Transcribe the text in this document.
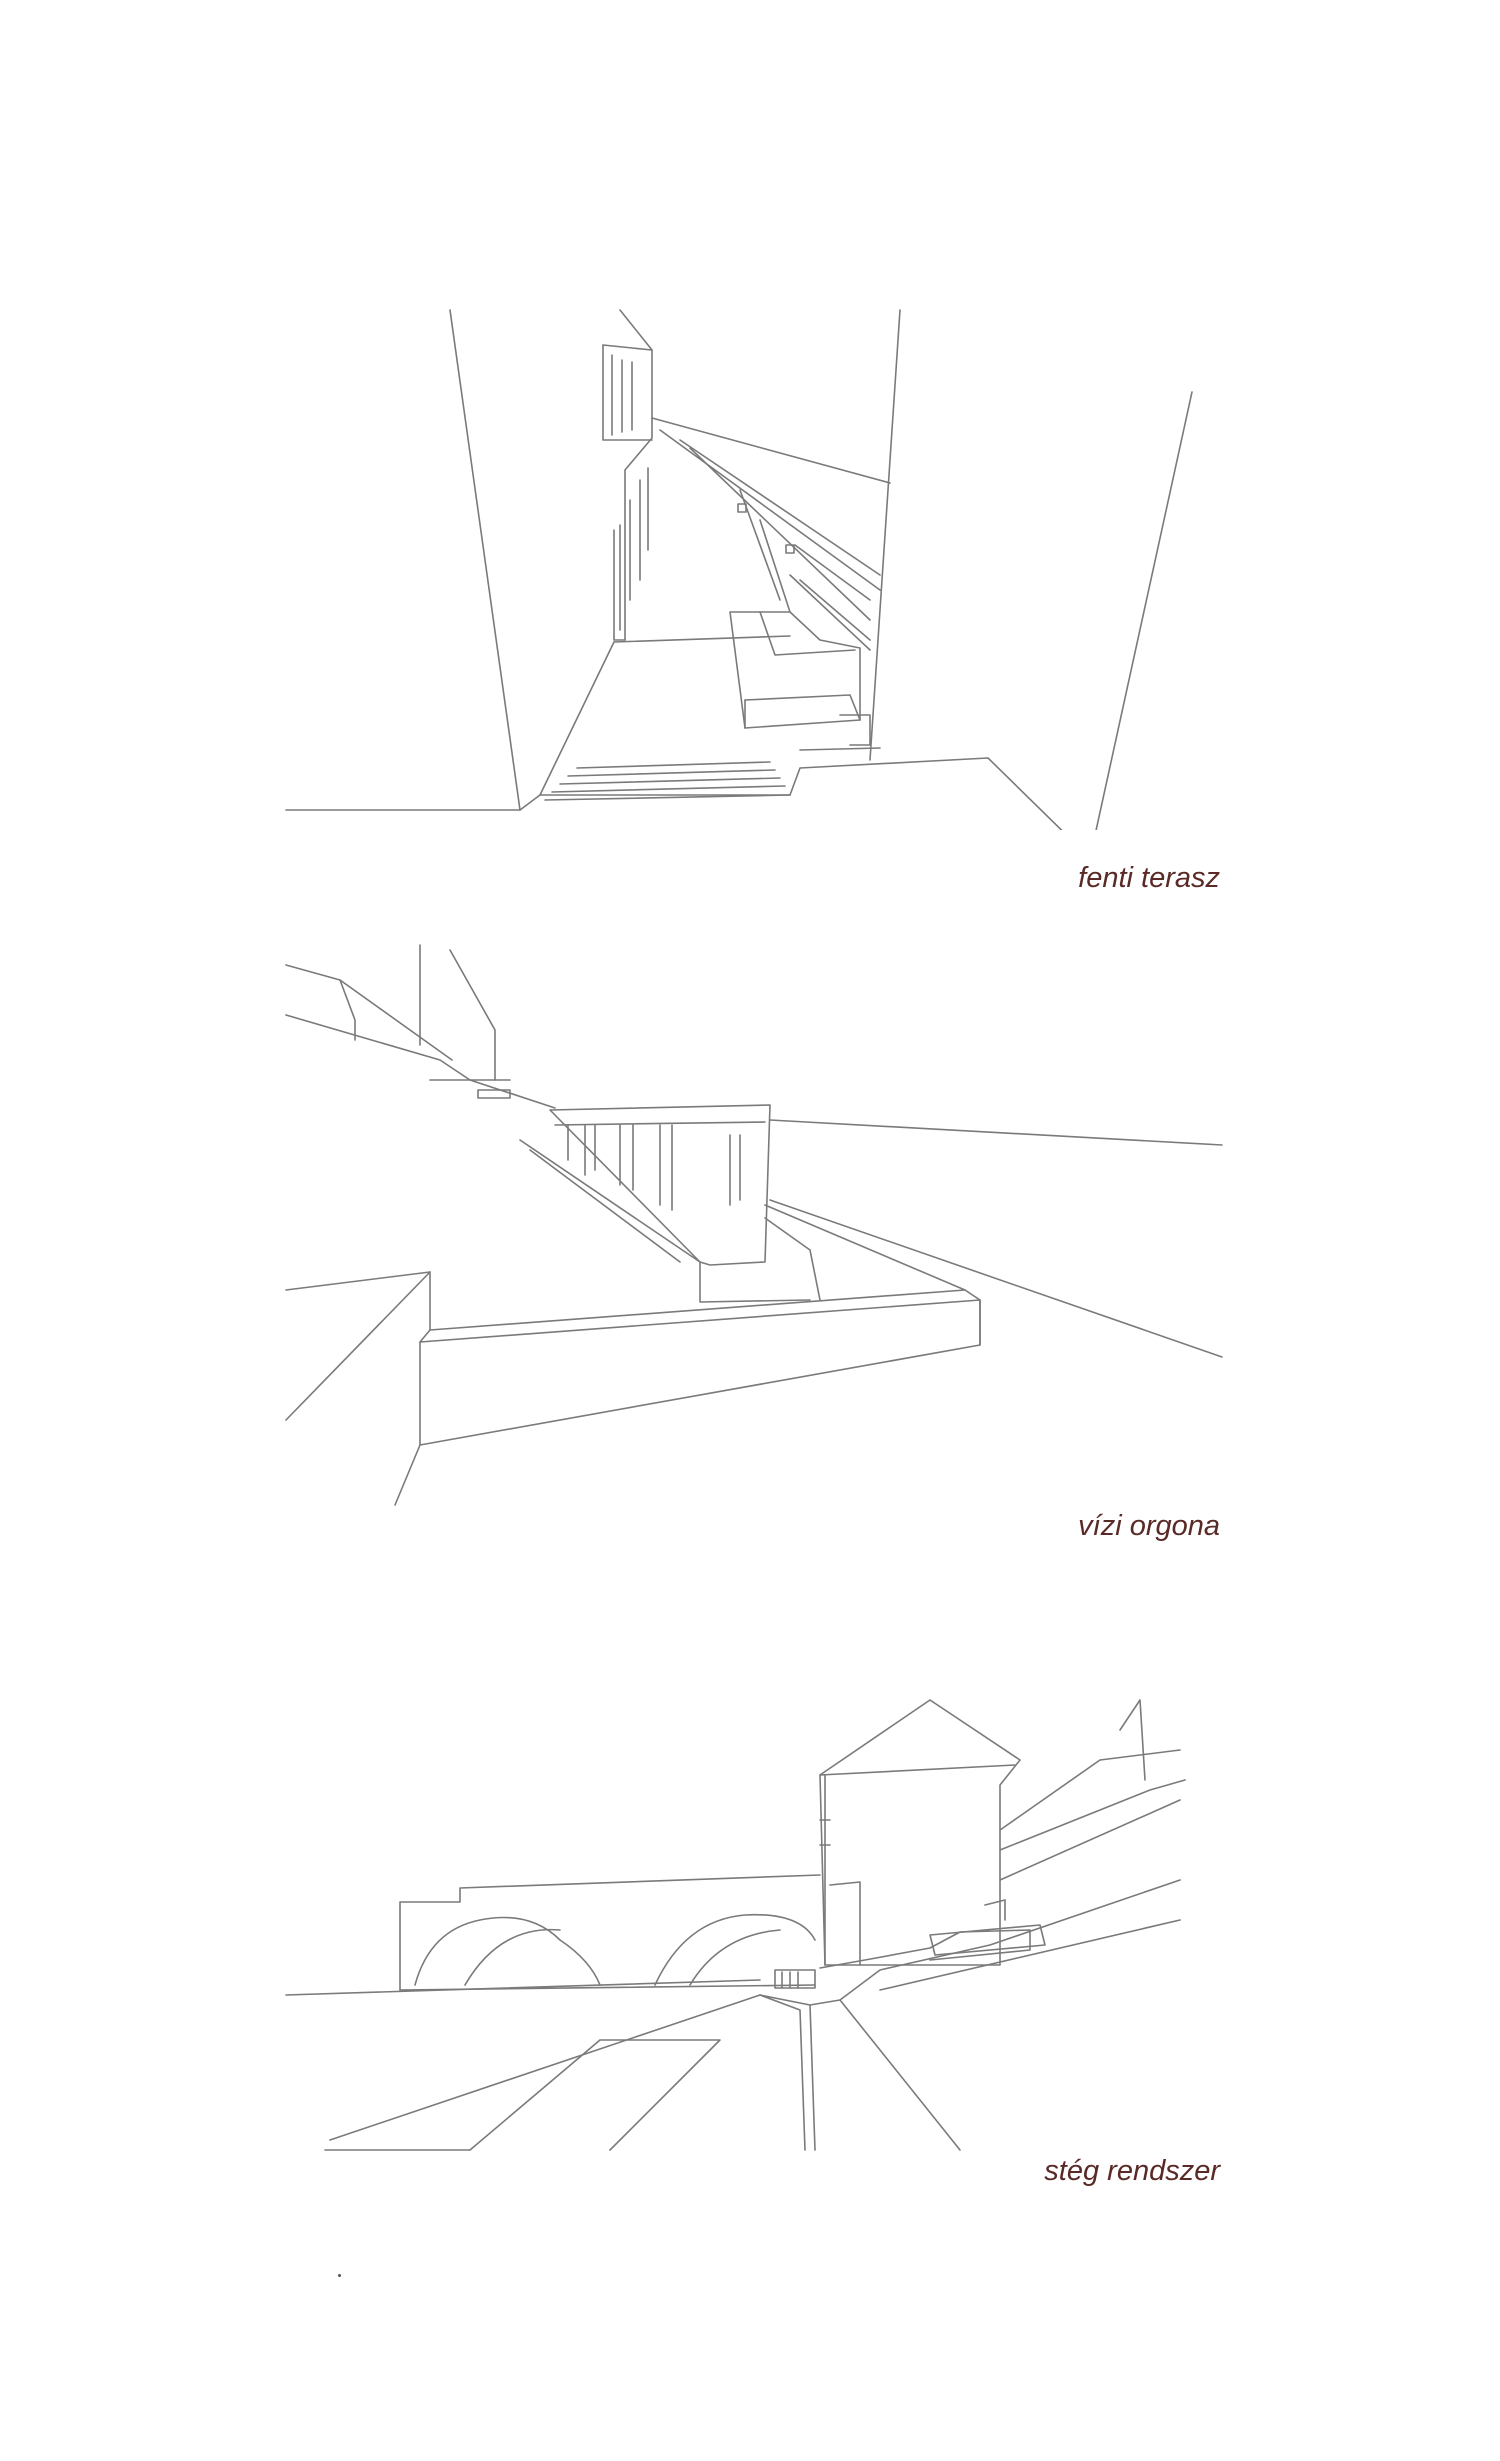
fenti terasz
vízi orgona
stég rendszer
